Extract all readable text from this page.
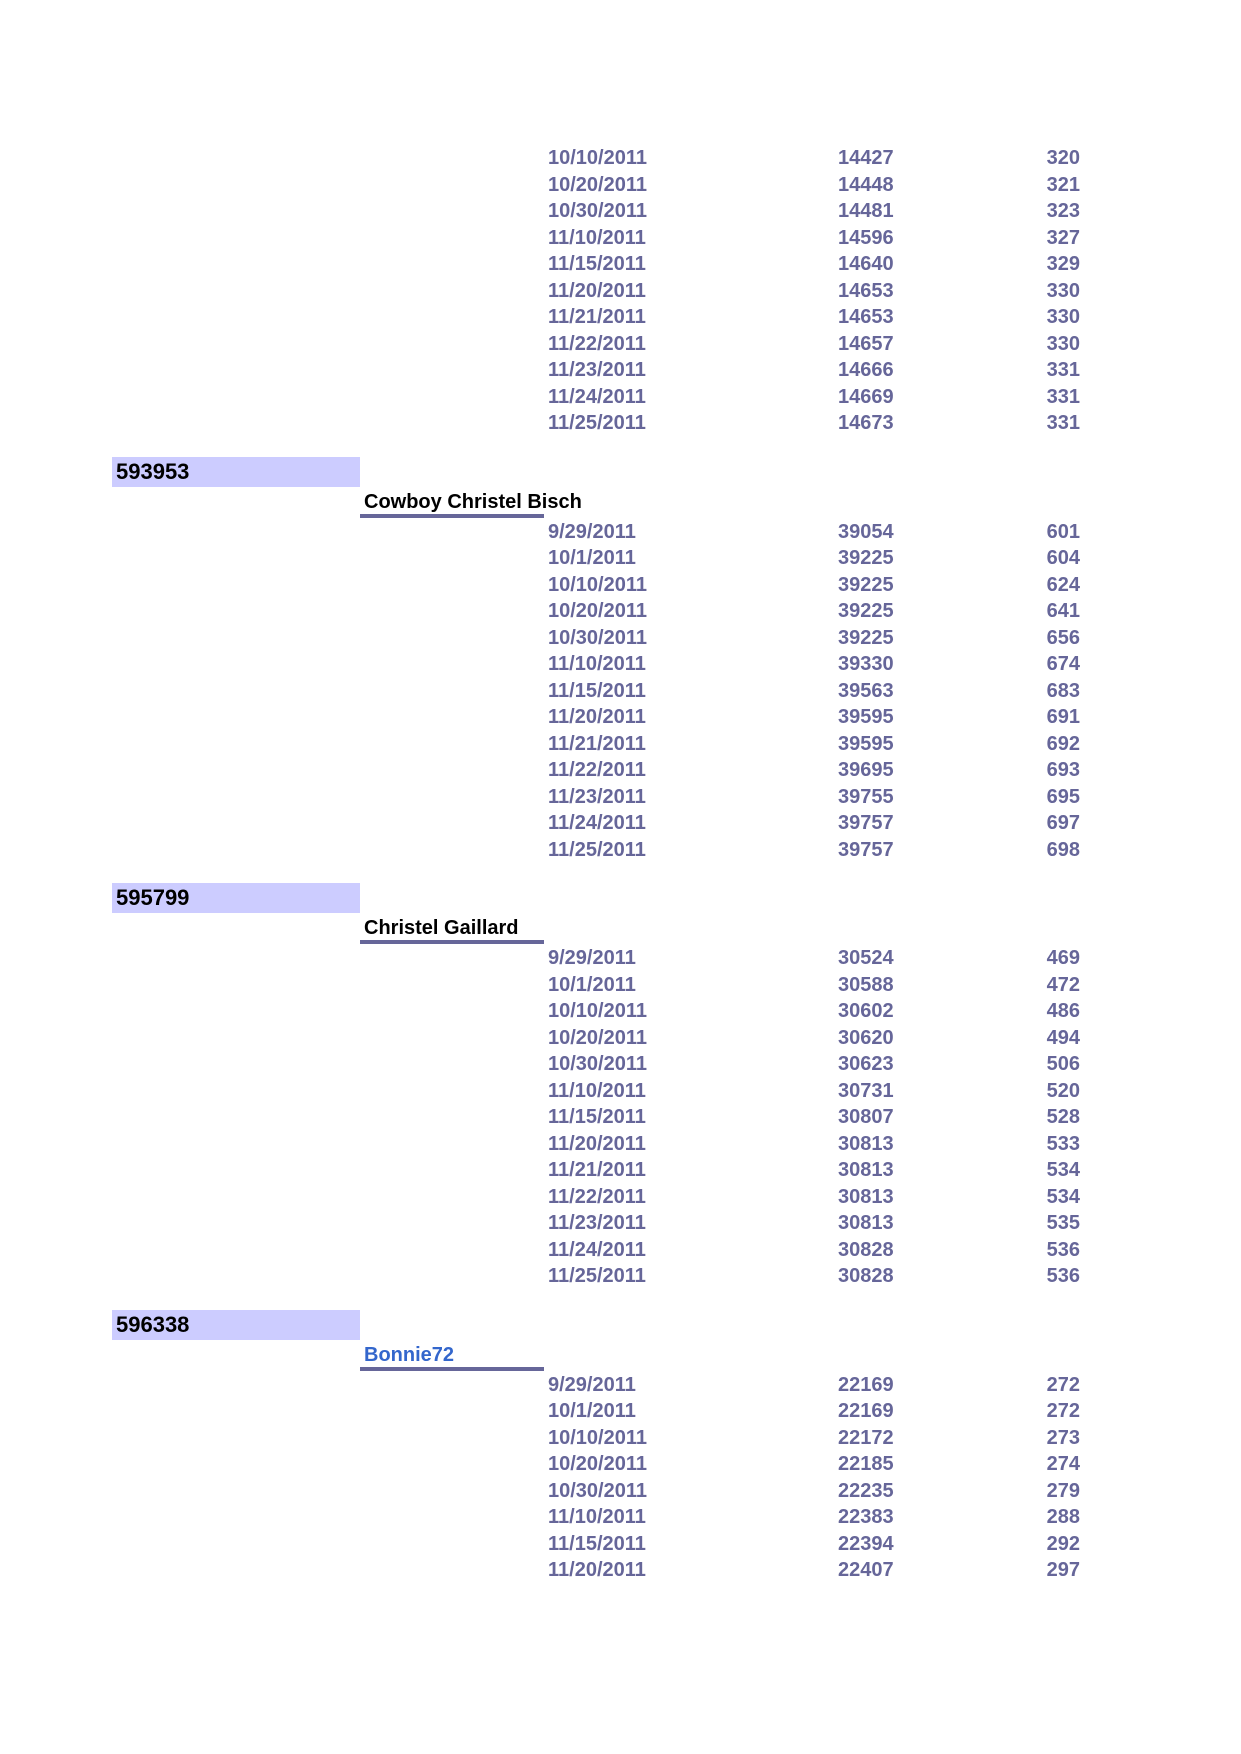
10/10/2011	14427	320
10/20/2011	14448	321
10/30/2011	14481	323
11/10/2011	14596	327
11/15/2011	14640	329
11/20/2011	14653	330
11/21/2011	14653	330
11/22/2011	14657	330
11/23/2011	14666	331
11/24/2011	14669	331
11/25/2011	14673	331
593953
Cowboy Christel Bisch
9/29/2011	39054	601
10/1/2011	39225	604
10/10/2011	39225	624
10/20/2011	39225	641
10/30/2011	39225	656
11/10/2011	39330	674
11/15/2011	39563	683
11/20/2011	39595	691
11/21/2011	39595	692
11/22/2011	39695	693
11/23/2011	39755	695
11/24/2011	39757	697
11/25/2011	39757	698
595799
Christel Gaillard
9/29/2011	30524	469
10/1/2011	30588	472
10/10/2011	30602	486
10/20/2011	30620	494
10/30/2011	30623	506
11/10/2011	30731	520
11/15/2011	30807	528
11/20/2011	30813	533
11/21/2011	30813	534
11/22/2011	30813	534
11/23/2011	30813	535
11/24/2011	30828	536
11/25/2011	30828	536
596338
Bonnie72
9/29/2011	22169	272
10/1/2011	22169	272
10/10/2011	22172	273
10/20/2011	22185	274
10/30/2011	22235	279
11/10/2011	22383	288
11/15/2011	22394	292
11/20/2011	22407	297
